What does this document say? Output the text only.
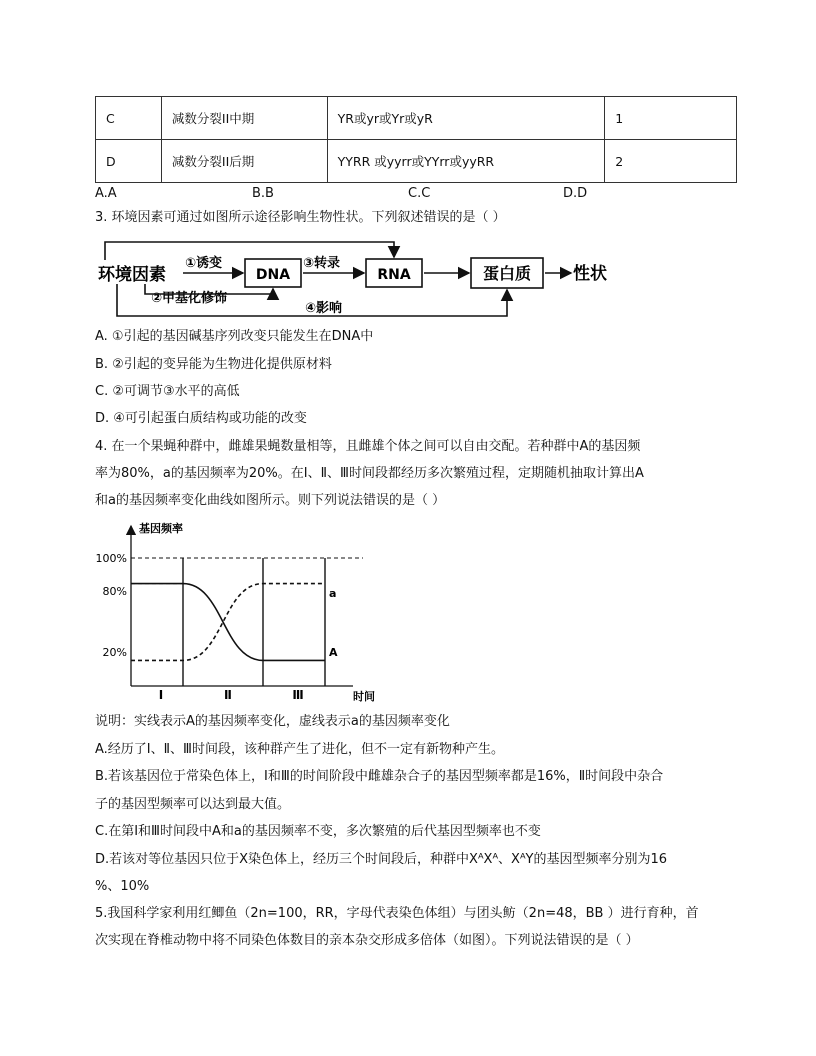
C	减数分裂II中期	YR或yr或Yr或yR	1
D	减数分裂II后期	YYRR 或yyrr或YYrr或yyRR	2
A.A	B.B	C.C	D.D
3. 环境因素可通过如图所示途径影响生物性状。下列叙述错误的是（ ）
环境因素
①诱变
DNA
③转录
RNA	蛋白质 性状
②甲基化修饰
④影响
A. ①引起的基因碱基序列改变只能发生在DNA中
B. ②引起的变异能为生物进化提供原材料
C. ②可调节③水平的高低
D. ④可引起蛋白质结构或功能的改变
4. 在一个果蝇种群中，雌雄果蝇数量相等，且雌雄个体之间可以自由交配。若种群中A的基因频
率为80%，a的基因频率为20%。在Ⅰ、Ⅱ、Ⅲ时间段都经历多次繁殖过程，定期随机抽取计算出A
和a的基因频率变化曲线如图所示。则下列说法错误的是（ ）
基因频率
时间
100%
80%
20%
Ⅰ	Ⅱ	Ⅲ
a
A
说明：实线表示A的基因频率变化，虚线表示a的基因频率变化
A.经历了Ⅰ、Ⅱ、Ⅲ时间段，该种群产生了进化，但不一定有新物种产生。
B.若该基因位于常染色体上，Ⅰ和Ⅲ的时间阶段中雌雄杂合子的基因型频率都是16%，Ⅱ时间段中杂合
子的基因型频率可以达到最大值。
C.在第Ⅰ和Ⅲ时间段中A和a的基因频率不变，多次繁殖的后代基因型频率也不变
D.若该对等位基因只位于X染色体上，经历三个时间段后，种群中XᴬXᴬ、XᴬY的基因型频率分别为16
%、10%
5.我国科学家利用红鲫鱼（2n=100，RR，字母代表染色体组）与团头鲂（2n=48，BB ）进行育种，首
次实现在脊椎动物中将不同染色体数目的亲本杂交形成多倍体（如图）。下列说法错误的是（ ）
